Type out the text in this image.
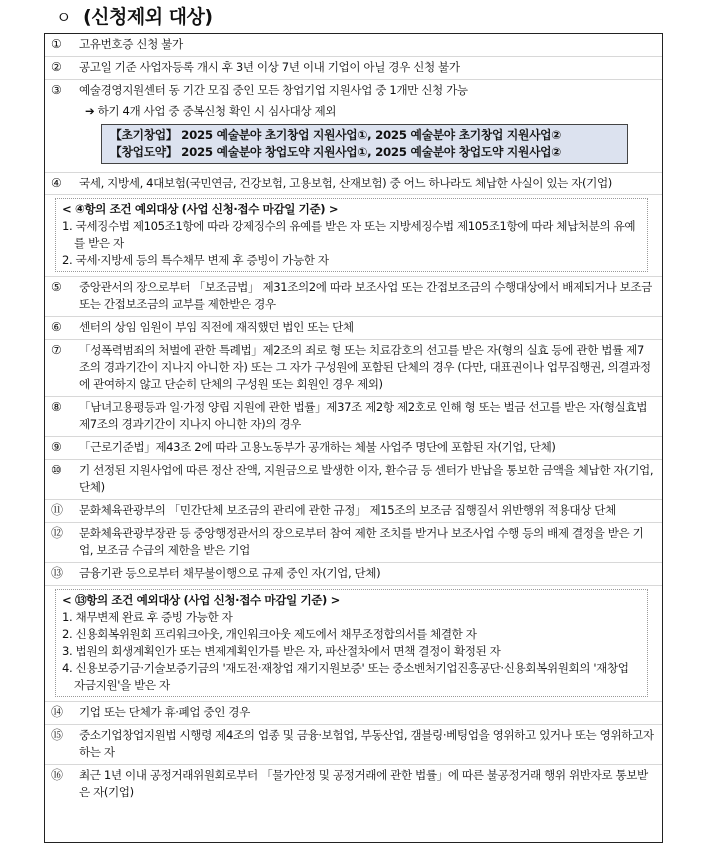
ㅇ (신청제외 대상)
①	고유번호증 신청 불가
②	공고일 기준 사업자등록 개시 후 3년 이상 7년 이내 기업이 아닐 경우 신청 불가
③	예술경영지원센터 동 기간 모집 중인 모든 창업기업 지원사업 중 1개만 신청 가능
➔ 하기 4개 사업 중 중복신청 확인 시 심사대상 제외
【초기창업】 2025 예술분야 초기창업 지원사업①, 2025 예술분야 초기창업 지원사업②
【창업도약】 2025 예술분야 창업도약 지원사업①, 2025 예술분야 창업도약 지원사업②
④	국세, 지방세, 4대보험(국민연금, 건강보험, 고용보험, 산재보험) 중 어느 하나라도 체납한 사실이 있는 자(기업)
< ④항의 조건 예외대상 (사업 신청·접수 마감일 기준) >
1. 국세징수법 제105조1항에 따라 강제징수의 유예를 받은 자 또는 지방세징수법 제105조1항에 따라 체납처분의 유예를 받은 자
2. 국세·지방세 등의 특수채무 변제 후 증빙이 가능한 자
⑤	중앙관서의 장으로부터 「보조금법」 제31조의2에 따라 보조사업 또는 간접보조금의 수행대상에서 배제되거나 보조금 또는 간접보조금의 교부를 제한받은 경우
⑥	센터의 상임 임원이 부임 직전에 재직했던 법인 또는 단체
⑦	「성폭력범죄의 처벌에 관한 특례법」제2조의 죄로 형 또는 치료감호의 선고를 받은 자(형의 실효 등에 관한 법률 제7조의 경과기간이 지나지 아니한 자) 또는 그 자가 구성원에 포함된 단체의 경우 (다만, 대표권이나 업무집행권, 의결과정에 관여하지 않고 단순히 단체의 구성원 또는 회원인 경우 제외)
⑧	「남녀고용평등과 일·가정 양립 지원에 관한 법률」제37조 제2항 제2호로 인해 형 또는 벌금 선고를 받은 자(형실효법 제7조의 경과기간이 지나지 아니한 자)의 경우
⑨	「근로기준법」제43조 2에 따라 고용노동부가 공개하는 체불 사업주 명단에 포함된 자(기업, 단체)
⑩	기 선정된 지원사업에 따른 정산 잔액, 지원금으로 발생한 이자, 환수금 등 센터가 반납을 통보한 금액을 체납한 자(기업, 단체)
⑪	문화체육관광부의 「민간단체 보조금의 관리에 관한 규정」 제15조의 보조금 집행질서 위반행위 적용대상 단체
⑫	문화체육관광부장관 등 중앙행정관서의 장으로부터 참여 제한 조치를 받거나 보조사업 수행 등의 배제 결정을 받은 기업, 보조금 수급의 제한을 받은 기업
⑬	금융기관 등으로부터 채무불이행으로 규제 중인 자(기업, 단체)
< ⑬항의 조건 예외대상 (사업 신청·접수 마감일 기준) >
1. 채무변제 완료 후 증빙 가능한 자
2. 신용회복위원회 프리워크아웃, 개인워크아웃 제도에서 채무조정합의서를 체결한 자
3. 법원의 회생계획인가 또는 변제계획인가를 받은 자, 파산절차에서 면책 결정이 확정된 자
4. 신용보증기금·기술보증기금의 '재도전·재창업 재기지원보증' 또는 중소벤처기업진흥공단·신용회복위원회의 '재창업 자금지원'을 받은 자
⑭	기업 또는 단체가 휴·폐업 중인 경우
⑮	중소기업창업지원법 시행령 제4조의 업종 및 금융·보험업, 부동산업, 갬블링·베팅업을 영위하고 있거나 또는 영위하고자 하는 자
⑯	최근 1년 이내 공정거래위원회로부터 「물가안정 및 공정거래에 관한 법률」에 따른 불공정거래 행위 위반자로 통보받은 자(기업)
